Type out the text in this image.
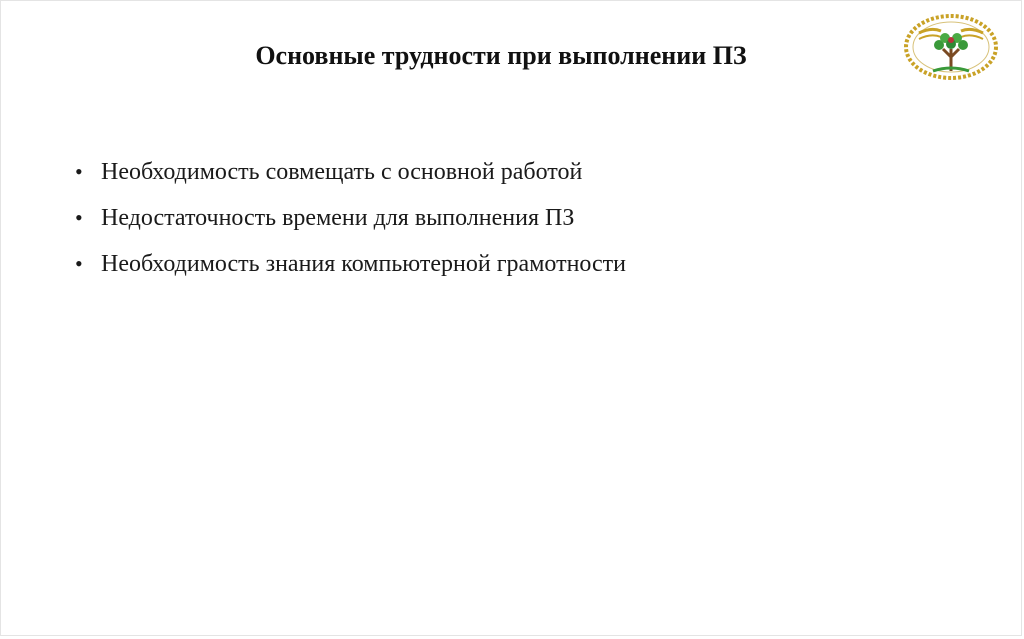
Основные трудности при выполнении ПЗ
• Необходимость совмещать с основной работой
• Недостаточность времени для выполнения ПЗ
• Необходимость знания компьютерной грамотности
